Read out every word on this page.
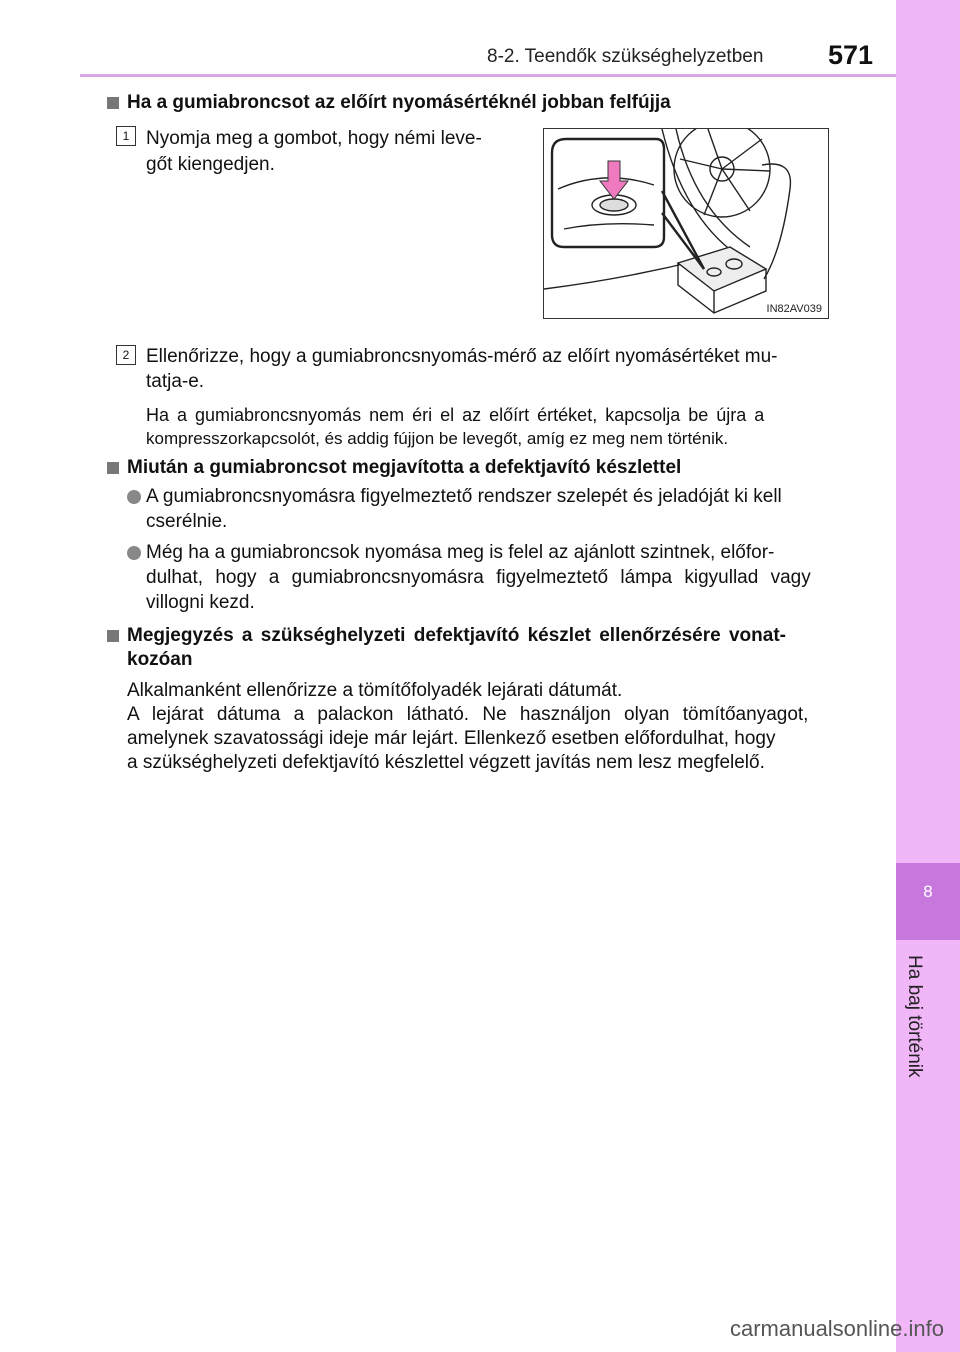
8-2. Teendők szükséghelyzetben 571
8
Ha baj történik
Ha a gumiabroncsot az előírt nyomásértéknél jobban felfújja
1 Nyomja meg a gombot, hogy némi leve-
gőt kiengedjen.
IN82AV039
2 Ellenőrizze, hogy a gumiabroncsnyomás-mérő az előírt nyomásértéket mu-
tatja-e.
Ha a gumiabroncsnyomás nem éri el az előírt értéket, kapcsolja be újra a
kompresszorkapcsolót, és addig fújjon be levegőt, amíg ez meg nem történik.
Miután a gumiabroncsot megjavította a defektjavító készlettel
A gumiabroncsnyomásra figyelmeztető rendszer szelepét és jeladóját ki kell
cserélnie.
Még ha a gumiabroncsok nyomása meg is felel az ajánlott szintnek, előfor-
dulhat, hogy a gumiabroncsnyomásra figyelmeztető lámpa kigyullad vagy
villogni kezd.
Megjegyzés a szükséghelyzeti defektjavító készlet ellenőrzésére vonat-
kozóan
Alkalmanként ellenőrizze a tömítőfolyadék lejárati dátumát.
A lejárat dátuma a palackon látható. Ne használjon olyan tömítőanyagot,
amelynek szavatossági ideje már lejárt. Ellenkező esetben előfordulhat, hogy
a szükséghelyzeti defektjavító készlettel végzett javítás nem lesz megfelelő.
carmanualsonline.info
